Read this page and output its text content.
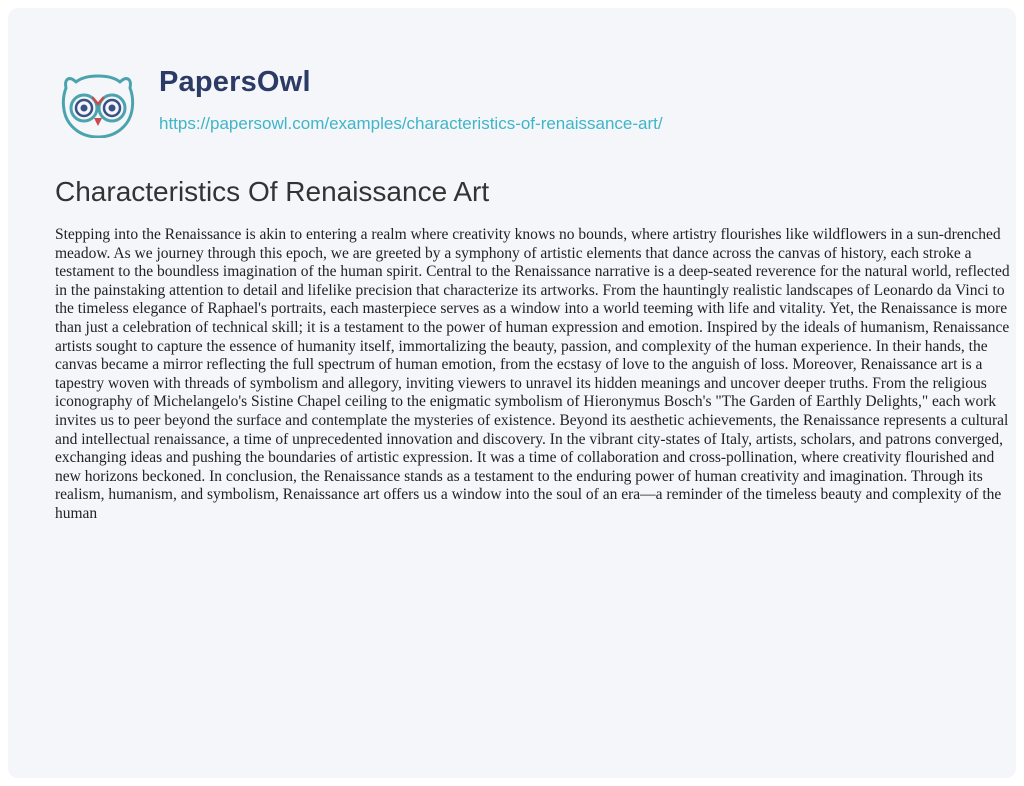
PapersOwl
https://papersowl.com/examples/characteristics-of-renaissance-art/
Characteristics Of Renaissance Art

Stepping into the Renaissance is akin to entering a realm where creativity knows no bounds, where artistry flourishes like wildflowers in a sun-drenched meadow. As we journey through this epoch, we are greeted by a symphony of artistic elements that dance across the canvas of history, each stroke a testament to the boundless imagination of the human spirit. Central to the Renaissance narrative is a deep-seated reverence for the natural world, reflected in the painstaking attention to detail and lifelike precision that characterize its artworks. From the hauntingly realistic landscapes of Leonardo da Vinci to the timeless elegance of Raphael's portraits, each masterpiece serves as a window into a world teeming with life and vitality. Yet, the Renaissance is more than just a celebration of technical skill; it is a testament to the power of human expression and emotion. Inspired by the ideals of humanism, Renaissance artists sought to capture the essence of humanity itself, immortalizing the beauty, passion, and complexity of the human experience. In their hands, the canvas became a mirror reflecting the full spectrum of human emotion, from the ecstasy of love to the anguish of loss. Moreover, Renaissance art is a tapestry woven with threads of symbolism and allegory, inviting viewers to unravel its hidden meanings and uncover deeper truths. From the religious iconography of Michelangelo's Sistine Chapel ceiling to the enigmatic symbolism of Hieronymus Bosch's "The Garden of Earthly Delights," each work invites us to peer beyond the surface and contemplate the mysteries of existence. Beyond its aesthetic achievements, the Renaissance represents a cultural and intellectual renaissance, a time of unprecedented innovation and discovery. In the vibrant city-states of Italy, artists, scholars, and patrons converged, exchanging ideas and pushing the boundaries of artistic expression. It was a time of collaboration and cross-pollination, where creativity flourished and new horizons beckoned. In conclusion, the Renaissance stands as a testament to the enduring power of human creativity and imagination. Through its realism, humanism, and symbolism, Renaissance art offers us a window into the soul of an era—a reminder of the timeless beauty and complexity of the human
